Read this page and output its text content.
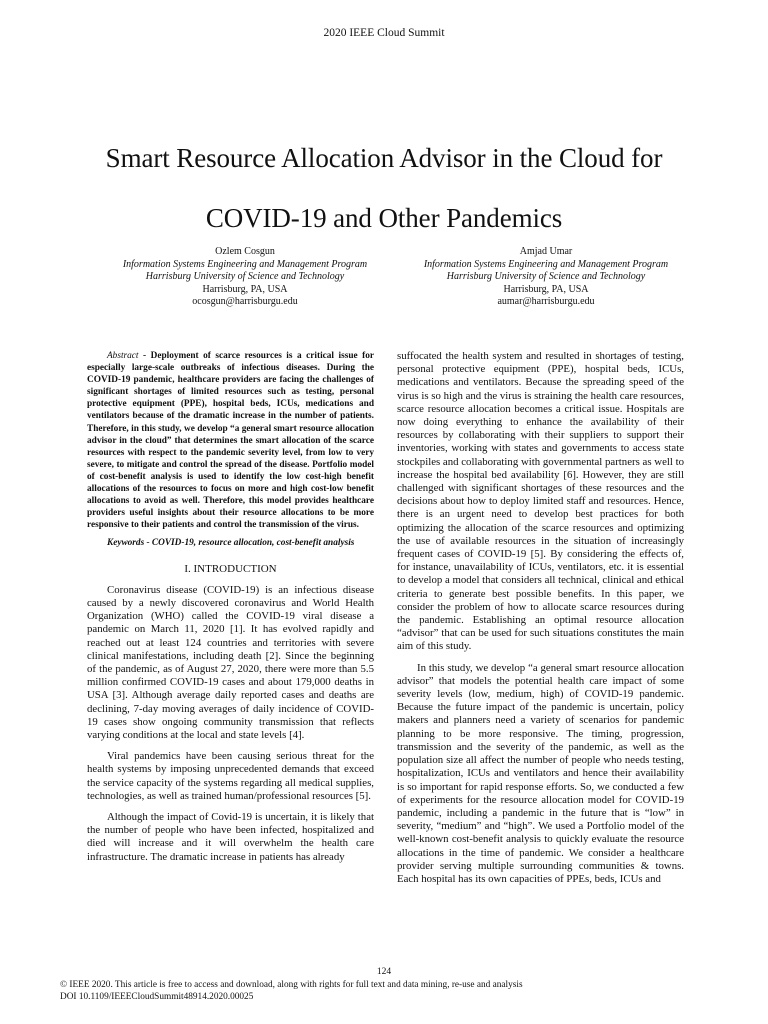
2020 IEEE Cloud Summit
Smart Resource Allocation Advisor in the Cloud for
COVID-19 and Other Pandemics
Ozlem Cosgun
Information Systems Engineering and Management Program
Harrisburg University of Science and Technology
Harrisburg, PA, USA
ocosgun@harrisburgu.edu
Amjad Umar
Information Systems Engineering and Management Program
Harrisburg University of Science and Technology
Harrisburg, PA, USA
aumar@harrisburgu.edu

Abstract - Deployment of scarce resources is a critical issue for especially large-scale outbreaks of infectious diseases. During the COVID-19 pandemic, healthcare providers are facing the challenges of significant shortages of limited resources such as testing, personal protective equipment (PPE), hospital beds, ICUs, medications and ventilators because of the dramatic increase in the number of patients. Therefore, in this study, we develop “a general smart resource allocation advisor in the cloud” that determines the smart allocation of the scarce resources with respect to the pandemic severity level, from low to very severe, to mitigate and control the spread of the disease. Portfolio model of cost-benefit analysis is used to identify the low cost-high benefit allocations of the resources to focus on more and high cost-low benefit allocations to avoid as well. Therefore, this model provides healthcare providers useful insights about their resource allocations to be more responsive to their patients and control the transmission of the virus.

Keywords - COVID-19, resource allocation, cost-benefit analysis

I. INTRODUCTION

Coronavirus disease (COVID-19) is an infectious disease caused by a newly discovered coronavirus and World Health Organization (WHO) called the COVID-19 viral disease a pandemic on March 11, 2020 [1]. It has evolved rapidly and reached out at least 124 countries and territories with severe clinical manifestations, including death [2]. Since the beginning of the pandemic, as of August 27, 2020, there were more than 5.5 million confirmed COVID-19 cases and about 179,000 deaths in USA [3]. Although average daily reported cases and deaths are declining, 7-day moving averages of daily incidence of COVID-19 cases show ongoing community transmission that reflects varying conditions at the local and state levels [4].

Viral pandemics have been causing serious threat for the health systems by imposing unprecedented demands that exceed the service capacity of the systems regarding all medical supplies, technologies, as well as trained human/professional resources [5].

Although the impact of Covid-19 is uncertain, it is likely that the number of people who have been infected, hospitalized and died will increase and it will overwhelm the health care infrastructure. The dramatic increase in patients has already

suffocated the health system and resulted in shortages of testing, personal protective equipment (PPE), hospital beds, ICUs, medications and ventilators. Because the spreading speed of the virus is so high and the virus is straining the health care resources, scarce resource allocation becomes a critical issue. Hospitals are now doing everything to enhance the availability of their resources by collaborating with their suppliers to support their inventories, working with states and governments to access state stockpiles and collaborating with governmental partners as well to increase the hospital bed availability [6]. However, they are still challenged with significant shortages of these resources and the decisions about how to deploy limited staff and resources. Hence, there is an urgent need to develop best practices for both optimizing the allocation of the scarce resources and optimizing the use of available resources in the situation of increasingly frequent cases of COVID-19 [5]. By considering the effects of, for instance, unavailability of ICUs, ventilators, etc. it is essential to develop a model that considers all technical, clinical and ethical criteria to generate best possible benefits. In this paper, we consider the problem of how to allocate scarce resources during the pandemic. Establishing an optimal resource allocation “advisor” that can be used for such situations constitutes the main aim of this study.

In this study, we develop “a general smart resource allocation advisor” that models the potential health care impact of some severity levels (low, medium, high) of COVID-19 pandemic. Because the future impact of the pandemic is uncertain, policy makers and planners need a variety of scenarios for pandemic planning to be more responsive. The timing, progression, transmission and the severity of the pandemic, as well as the population size all affect the number of people who needs testing, hospitalization, ICUs and ventilators and hence their availability is so important for rapid response efforts. So, we conducted a few of experiments for the resource allocation model for COVID-19 pandemic, including a pandemic in the future that is “low” in severity, “medium” and “high”. We used a Portfolio model of the well-known cost-benefit analysis to quickly evaluate the resource allocations in the time of pandemic. We consider a healthcare provider serving multiple surrounding communities & towns. Each hospital has its own capacities of PPEs, beds, ICUs and

124
© IEEE 2020. This article is free to access and download, along with rights for full text and data mining, re-use and analysis
DOI 10.1109/IEEECloudSummit48914.2020.00025
